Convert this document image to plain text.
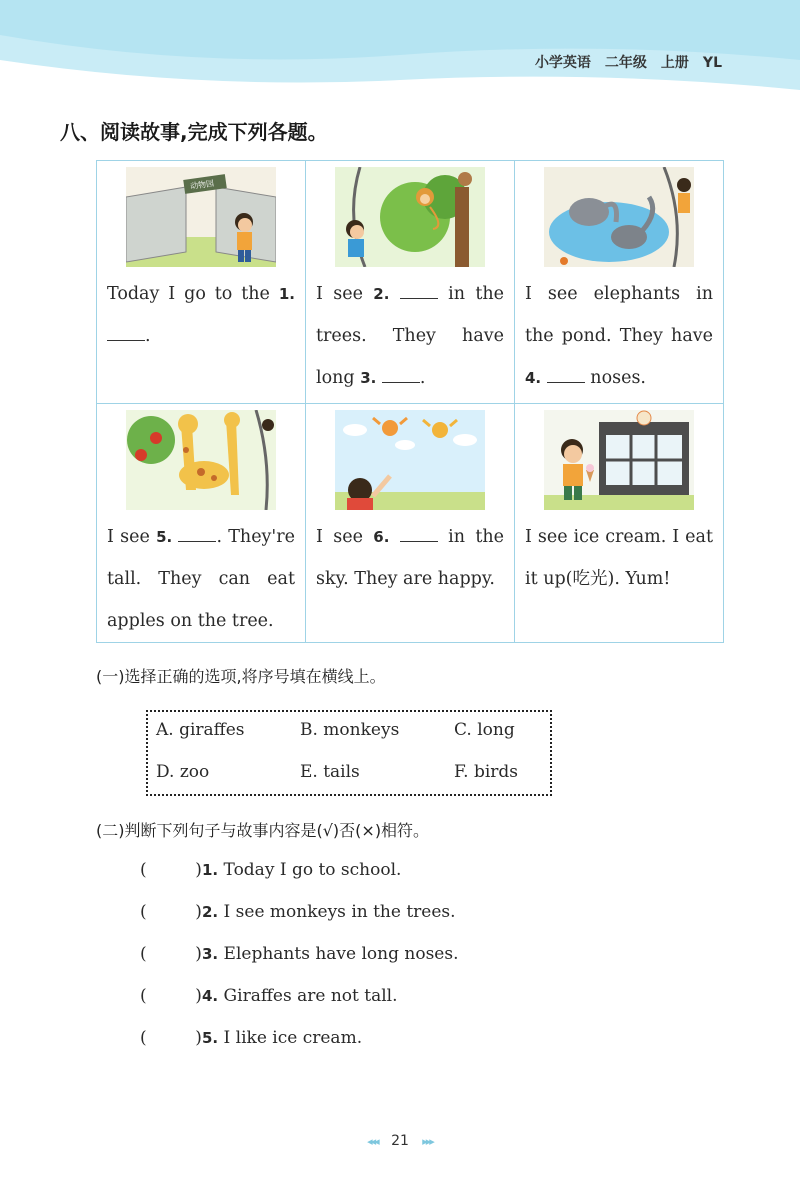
小学英语　二年级　上册　YL
八、阅读故事,完成下列各题。
动物园
Today I go to the 1. .	I see 2. in the trees. They have long 3. .	I see elephants in the pond. They have 4. noses.

I see 5. . They're tall. They can eat apples on the tree.	I see 6. in the sky. They are happy.	I see ice cream. I eat it up(吃光). Yum!
(一)选择正确的选项,将序号填在横线上。
A. giraffes	B. monkeys	C. long
D. zoo	E. tails	F. birds
(二)判断下列句子与故事内容是(√)否(×)相符。
(         )1. Today I go to school.
(         )2. I see monkeys in the trees.
(         )3. Elephants have long noses.
(         )4. Giraffes are not tall.
(         )5. I like ice cream.
◂◂◂ 21 ▸▸▸
